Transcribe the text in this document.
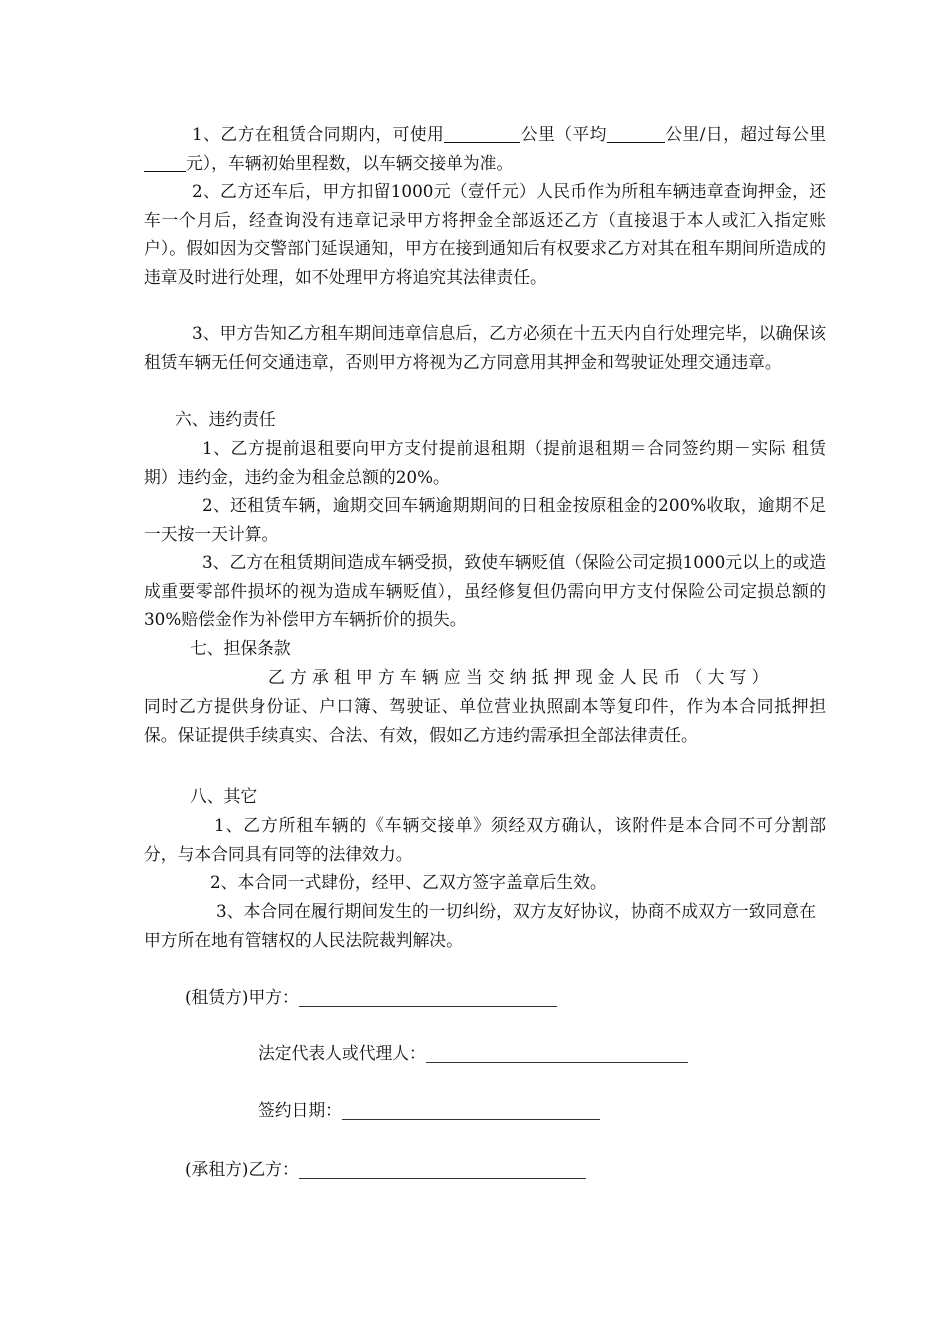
1、乙方在租赁合同期内，可使用	公里（平均	公里/日，超过每公里元），车辆初始里程数，以车辆交接单为准。

2、乙方还车后，甲方扣留1000元（壹仟元）人民币作为所租车辆违章查询押金，还车一个月后，经查询没有违章记录甲方将押金全部返还乙方（直接退于本人或汇入指定账户）。假如因为交警部门延误通知，甲方在接到通知后有权要求乙方对其在租车期间所造成的违章及时进行处理，如不处理甲方将追究其法律责任。

3、甲方告知乙方租车期间违章信息后，乙方必须在十五天内自行处理完毕，以确保该租赁车辆无任何交通违章，否则甲方将视为乙方同意用其押金和驾驶证处理交通违章。

六、违约责任

1、乙方提前退租要向甲方支付提前退租期（提前退租期＝合同签约期－实际 租赁期）违约金，违约金为租金总额的20%。

2、还租赁车辆，逾期交回车辆逾期期间的日租金按原租金的200%收取，逾期不足一天按一天计算。

3、乙方在租赁期间造成车辆受损，致使车辆贬值（保险公司定损1000元以上的或造成重要零部件损坏的视为造成车辆贬值），虽经修复但仍需向甲方支付保险公司定损总额的30%赔偿金作为补偿甲方车辆折价的损失。

七、担保条款

乙方承租甲方车辆应当交纳抵押现金人民币（大写）

同时乙方提供身份证、户口簿、驾驶证、单位营业执照副本等复印件，作为本合同抵押担保。保证提供手续真实、合法、有效，假如乙方违约需承担全部法律责任。

八、其它

1、乙方所租车辆的《车辆交接单》须经双方确认，该附件是本合同不可分割部分，与本合同具有同等的法律效力。

2、本合同一式肆份，经甲、乙双方签字盖章后生效。

3、本合同在履行期间发生的一切纠纷，双方友好协议，协商不成双方一致同意在甲方所在地有管辖权的人民法院裁判解决。

(租赁方)甲方：
法定代表人或代理人：
签约日期：
(承租方)乙方：
